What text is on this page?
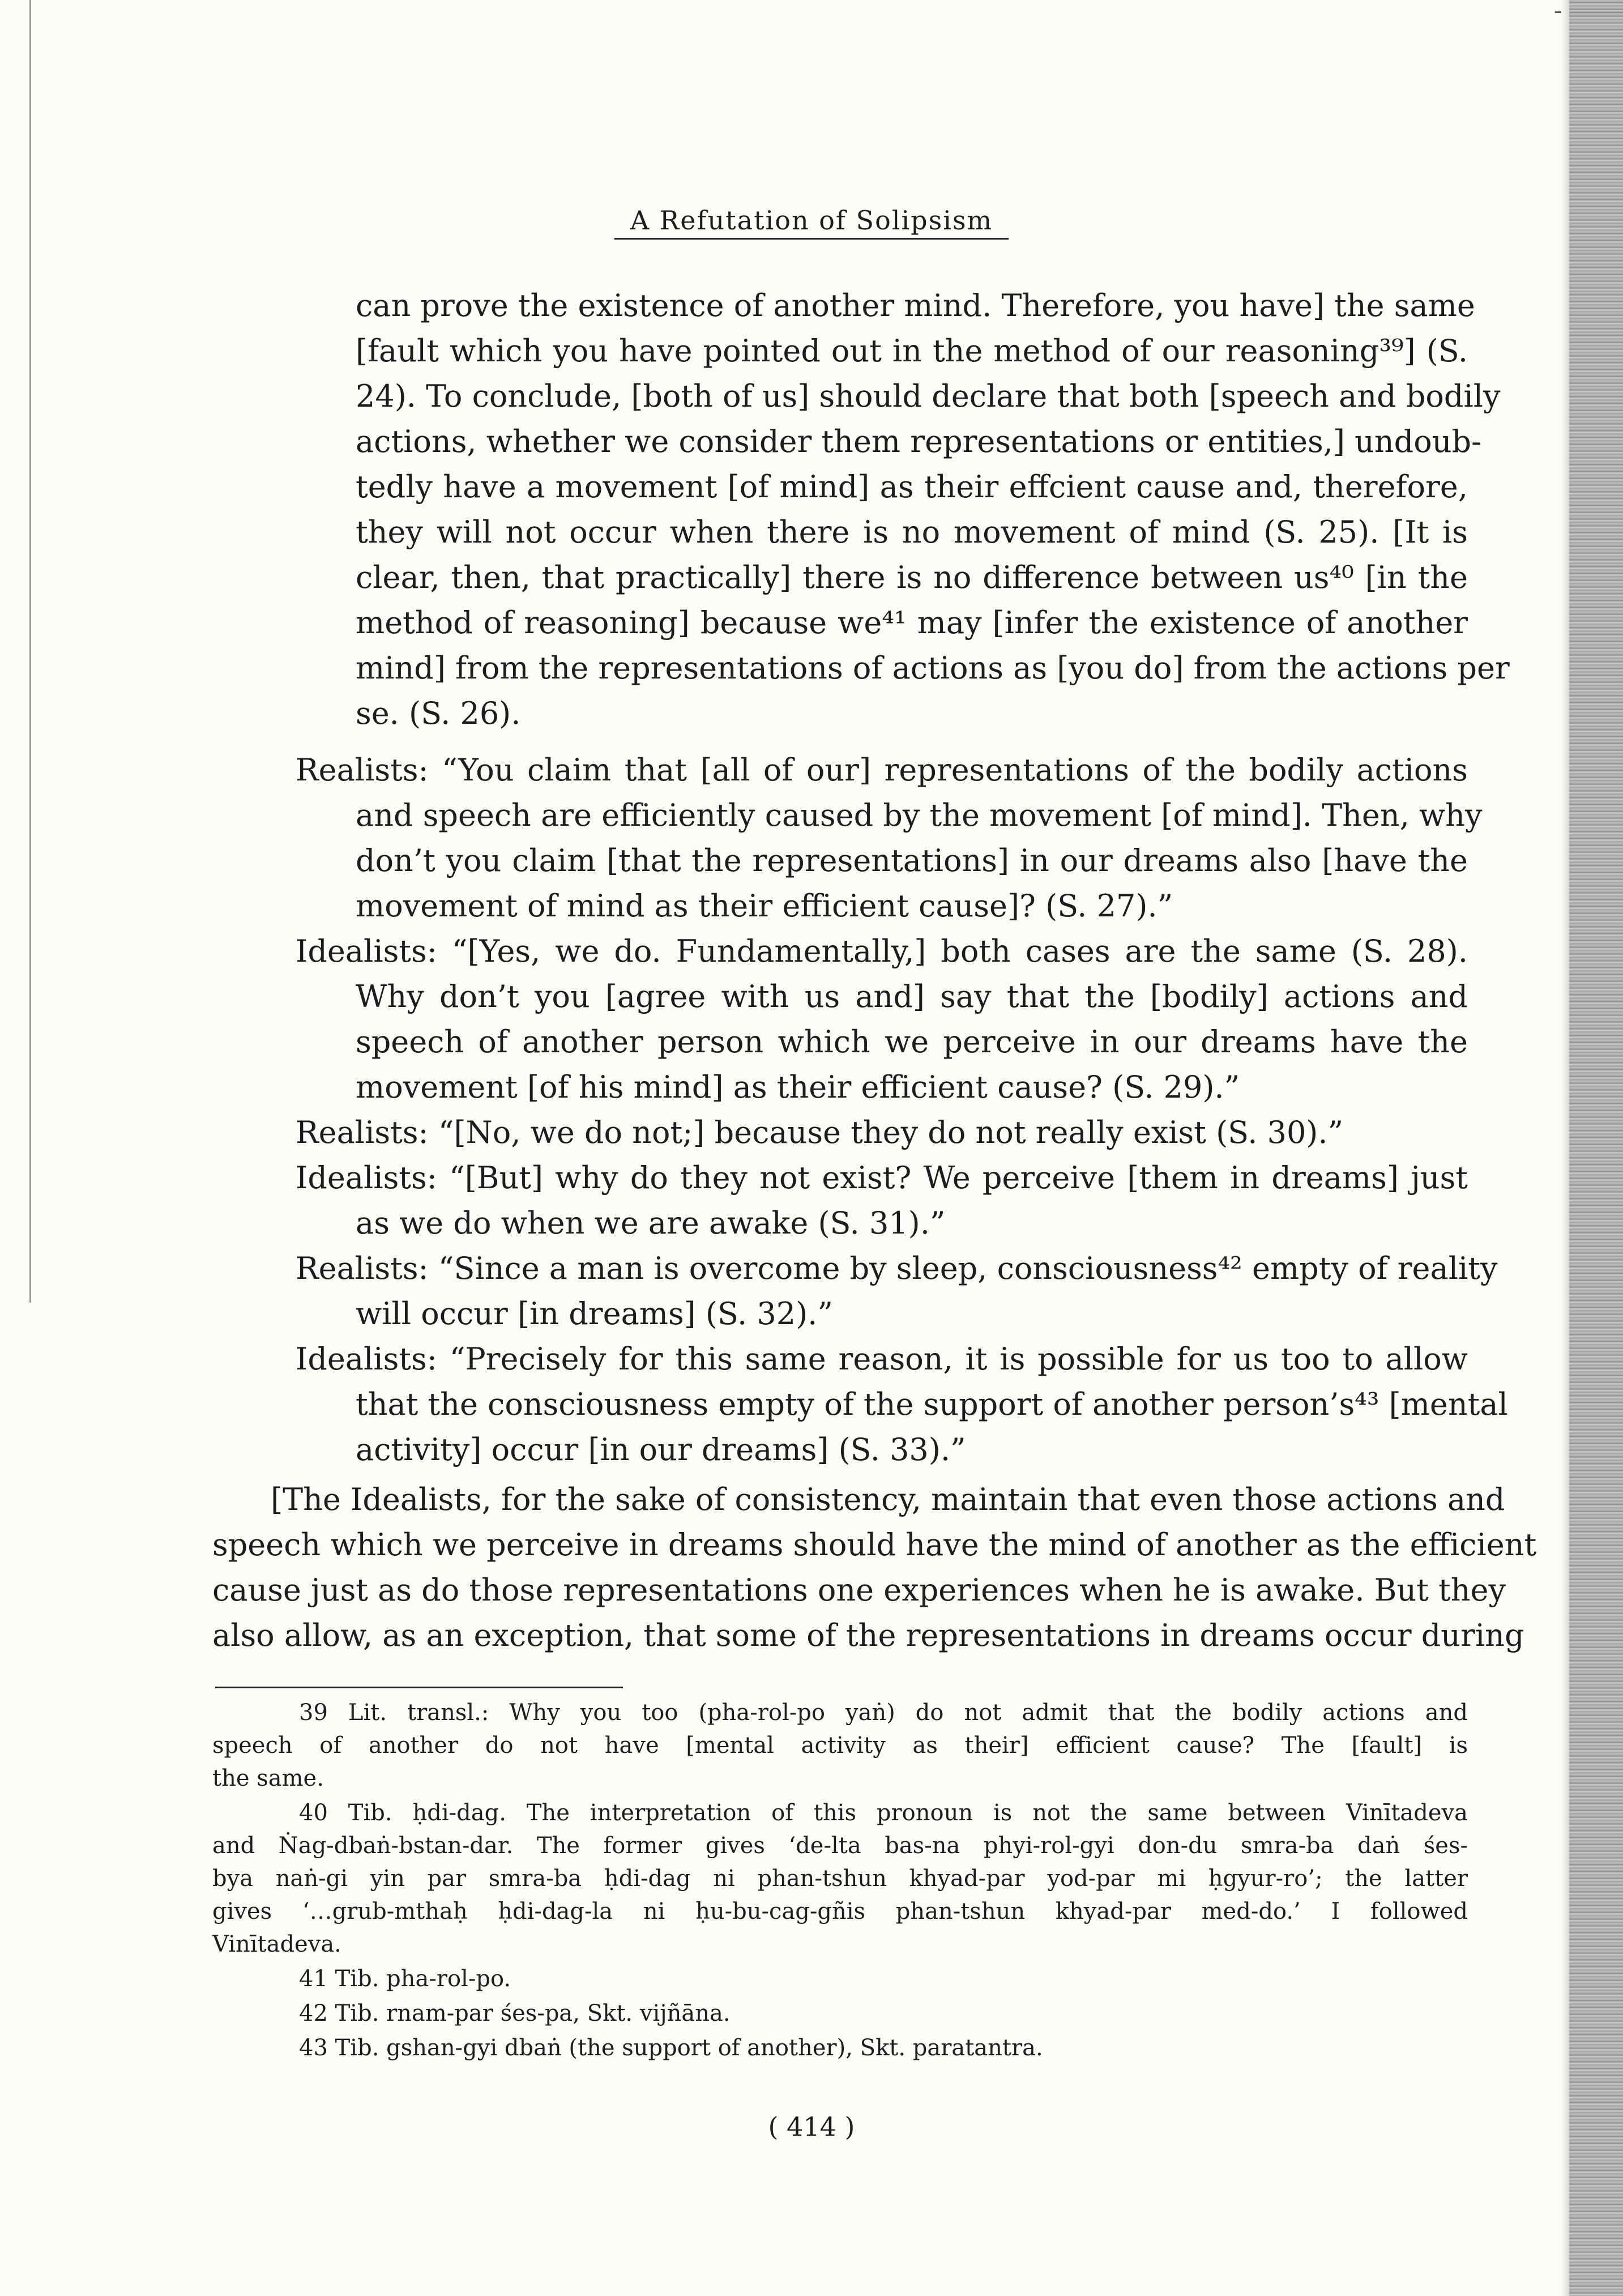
A Refutation of Solipsism
can prove the existence of another mind. Therefore, you have] the same
[fault which you have pointed out in the method of our reasoning³⁹] (S.
24). To conclude, [both of us] should declare that both [speech and bodily
actions, whether we consider them representations or entities,] undoub-
tedly have a movement [of mind] as their effcient cause and, therefore,
they will not occur when there is no movement of mind (S. 25). [It is
clear, then, that practically] there is no difference between us⁴⁰ [in the
method of reasoning] because we⁴¹ may [infer the existence of another
mind] from the representations of actions as [you do] from the actions per
se. (S. 26).
Realists: “You claim that [all of our] representations of the bodily actions
and speech are efficiently caused by the movement [of mind]. Then, why
don’t you claim [that the representations] in our dreams also [have the
movement of mind as their efficient cause]? (S. 27).”
Idealists: “[Yes, we do. Fundamentally,] both cases are the same (S. 28).
Why don’t you [agree with us and] say that the [bodily] actions and
speech of another person which we perceive in our dreams have the
movement [of his mind] as their efficient cause? (S. 29).”
Realists: “[No, we do not;] because they do not really exist (S. 30).”
Idealists: “[But] why do they not exist? We perceive [them in dreams] just
as we do when we are awake (S. 31).”
Realists: “Since a man is overcome by sleep, consciousness⁴² empty of reality
will occur [in dreams] (S. 32).”
Idealists: “Precisely for this same reason, it is possible for us too to allow
that the consciousness empty of the support of another person’s⁴³ [mental
activity] occur [in our dreams] (S. 33).”
[The Idealists, for the sake of consistency, maintain that even those actions and
speech which we perceive in dreams should have the mind of another as the efficient
cause just as do those representations one experiences when he is awake. But they
also allow, as an exception, that some of the representations in dreams occur during
39 Lit. transl.: Why you too (pha-rol-po yaṅ) do not admit that the bodily actions and
speech of another do not have [mental activity as their] efficient cause? The [fault] is
the same.
40 Tib. ḥdi-dag. The interpretation of this pronoun is not the same between Vinītadeva
and Ṅag-dbaṅ-bstan-dar. The former gives ‘de-lta bas-na phyi-rol-gyi don-du smra-ba daṅ śes-
bya naṅ-gi yin par smra-ba ḥdi-dag ni phan-tshun khyad-par yod-par mi ḥgyur-ro’; the latter
gives ‘…grub-mthaḥ ḥdi-dag-la ni ḥu-bu-cag-gñis phan-tshun khyad-par med-do.’ I followed
Vinītadeva.
41 Tib. pha-rol-po.
42 Tib. rnam-par śes-pa, Skt. vijñāna.
43 Tib. gshan-gyi dbaṅ (the support of another), Skt. paratantra.
( 414 )
